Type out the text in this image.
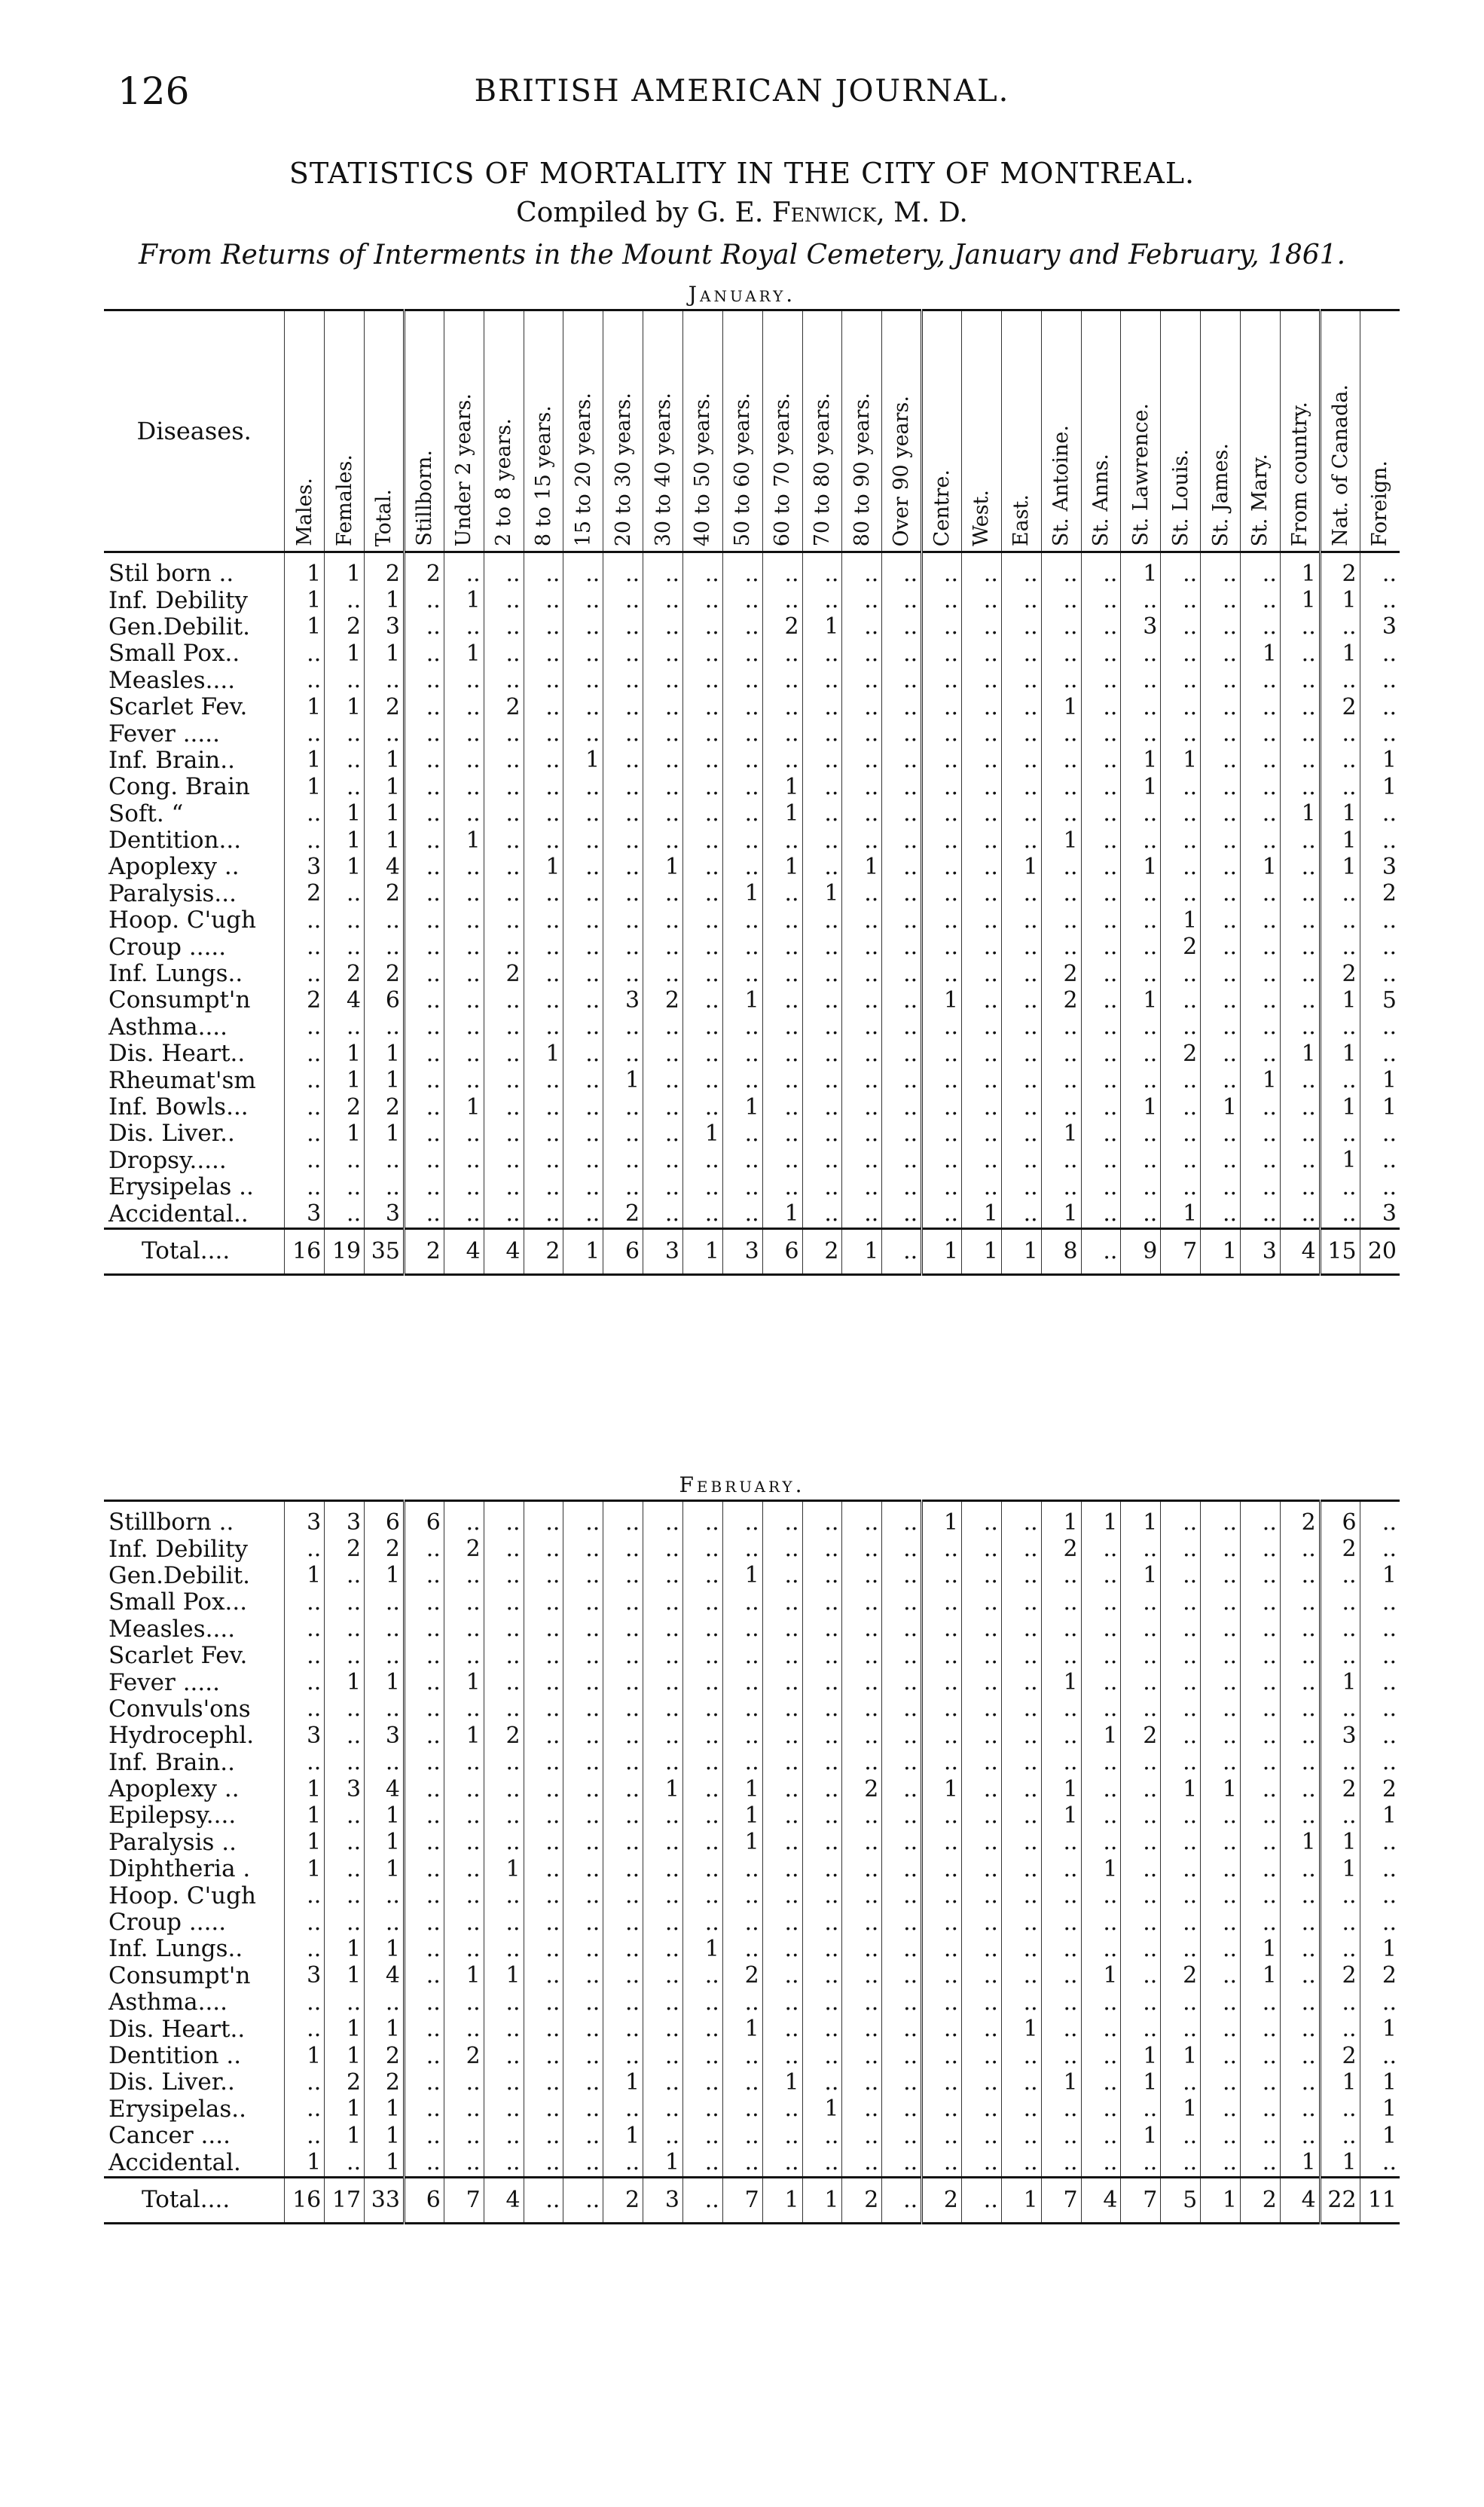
126	BRITISH AMERICAN JOURNAL.
STATISTICS OF MORTALITY IN THE CITY OF MONTREAL.
Compiled by G. E. Fenwick, M. D.
From Returns of Interments in the Mount Royal Cemetery, January and February, 1861.
January.
Diseases.	Males.	Females.	Total.	Stillborn.	Under 2 years.	2 to 8 years.	8 to 15 years.	15 to 20 years.	20 to 30 years.	30 to 40 years.	40 to 50 years.	50 to 60 years.	60 to 70 years.	70 to 80 years.	80 to 90 years.	Over 90 years.	Centre.	West.	East.	St. Antoine.	St. Anns.	St. Lawrence.	St. Louis.	St. James.	St. Mary.	From country.	Nat. of Canada.	Foreign.
Stil born ..	1	1	2	2	..	..	..	..	..	..	..	..	..	..	..	..	..	..	..	..	..	1	..	..	..	1	2	..
Inf. Debility	1	..	1	..	1	..	..	..	..	..	..	..	..	..	..	..	..	..	..	..	..	..	..	..	..	1	1	..
Gen.Debilit.	1	2	3	..	..	..	..	..	..	..	..	..	2	1	..	..	..	..	..	..	..	3	..	..	..	..	..	3
Small Pox..	..	1	1	..	1	..	..	..	..	..	..	..	..	..	..	..	..	..	..	..	..	..	..	..	1	..	1	..
Measles....	..	..	..	..	..	..	..	..	..	..	..	..	..	..	..	..	..	..	..	..	..	..	..	..	..	..	..	..
Scarlet Fev.	1	1	2	..	..	2	..	..	..	..	..	..	..	..	..	..	..	..	..	1	..	..	..	..	..	..	2	..
Fever .....	..	..	..	..	..	..	..	..	..	..	..	..	..	..	..	..	..	..	..	..	..	..	..	..	..	..	..	..
Inf. Brain..	1	..	1	..	..	..	..	1	..	..	..	..	..	..	..	..	..	..	..	..	..	1	1	..	..	..	..	1
Cong. Brain	1	..	1	..	..	..	..	..	..	..	..	..	1	..	..	..	..	..	..	..	..	1	..	..	..	..	..	1
Soft. “	..	1	1	..	..	..	..	..	..	..	..	..	1	..	..	..	..	..	..	..	..	..	..	..	..	1	1	..
Dentition...	..	1	1	..	1	..	..	..	..	..	..	..	..	..	..	..	..	..	..	1	..	..	..	..	..	..	1	..
Apoplexy ..	3	1	4	..	..	..	1	..	..	1	..	..	1	..	1	..	..	..	1	..	..	1	..	..	1	..	1	3
Paralysis...	2	..	2	..	..	..	..	..	..	..	..	1	..	1	..	..	..	..	..	..	..	..	..	..	..	..	..	2
Hoop. C'ugh	..	..	..	..	..	..	..	..	..	..	..	..	..	..	..	..	..	..	..	..	..	..	1	..	..	..	..	..
Croup .....	..	..	..	..	..	..	..	..	..	..	..	..	..	..	..	..	..	..	..	..	..	..	2	..	..	..	..	..
Inf. Lungs..	..	2	2	..	..	2	..	..	..	..	..	..	..	..	..	..	..	..	..	2	..	..	..	..	..	..	2	..
Consumpt'n	2	4	6	..	..	..	..	..	3	2	..	1	..	..	..	..	1	..	..	2	..	1	..	..	..	..	1	5
Asthma....	..	..	..	..	..	..	..	..	..	..	..	..	..	..	..	..	..	..	..	..	..	..	..	..	..	..	..	..
Dis. Heart..	..	1	1	..	..	..	1	..	..	..	..	..	..	..	..	..	..	..	..	..	..	..	2	..	..	1	1	..
Rheumat'sm	..	1	1	..	..	..	..	..	1	..	..	..	..	..	..	..	..	..	..	..	..	..	..	..	1	..	..	1
Inf. Bowls...	..	2	2	..	1	..	..	..	..	..	..	1	..	..	..	..	..	..	..	..	..	1	..	1	..	..	1	1
Dis. Liver..	..	1	1	..	..	..	..	..	..	..	1	..	..	..	..	..	..	..	..	1	..	..	..	..	..	..	..	..
Dropsy.....	..	..	..	..	..	..	..	..	..	..	..	..	..	..	..	..	..	..	..	..	..	..	..	..	..	..	1	..
Erysipelas ..	..	..	..	..	..	..	..	..	..	..	..	..	..	..	..	..	..	..	..	..	..	..	..	..	..	..	..	..
Accidental..	3	..	3	..	..	..	..	..	2	..	..	..	1	..	..	..	..	1	..	1	..	..	1	..	..	..	..	3
Total....	16	19	35	2	4	4	2	1	6	3	1	3	6	2	1	..	1	1	1	8	..	9	7	1	3	4	15	20
February.
Stillborn ..	3	3	6	6	..	..	..	..	..	..	..	..	..	..	..	..	1	..	..	1	1	1	..	..	..	2	6	..
Inf. Debility	..	2	2	..	2	..	..	..	..	..	..	..	..	..	..	..	..	..	..	2	..	..	..	..	..	..	2	..
Gen.Debilit.	1	..	1	..	..	..	..	..	..	..	..	1	..	..	..	..	..	..	..	..	..	1	..	..	..	..	..	1
Small Pox...	..	..	..	..	..	..	..	..	..	..	..	..	..	..	..	..	..	..	..	..	..	..	..	..	..	..	..	..
Measles....	..	..	..	..	..	..	..	..	..	..	..	..	..	..	..	..	..	..	..	..	..	..	..	..	..	..	..	..
Scarlet Fev.	..	..	..	..	..	..	..	..	..	..	..	..	..	..	..	..	..	..	..	..	..	..	..	..	..	..	..	..
Fever .....	..	1	1	..	1	..	..	..	..	..	..	..	..	..	..	..	..	..	..	1	..	..	..	..	..	..	1	..
Convuls'ons	..	..	..	..	..	..	..	..	..	..	..	..	..	..	..	..	..	..	..	..	..	..	..	..	..	..	..	..
Hydrocephl.	3	..	3	..	1	2	..	..	..	..	..	..	..	..	..	..	..	..	..	..	1	2	..	..	..	..	3	..
Inf. Brain..	..	..	..	..	..	..	..	..	..	..	..	..	..	..	..	..	..	..	..	..	..	..	..	..	..	..	..	..
Apoplexy ..	1	3	4	..	..	..	..	..	..	1	..	1	..	..	2	..	1	..	..	1	..	..	1	1	..	..	2	2
Epilepsy....	1	..	1	..	..	..	..	..	..	..	..	1	..	..	..	..	..	..	..	1	..	..	..	..	..	..	..	1
Paralysis ..	1	..	1	..	..	..	..	..	..	..	..	1	..	..	..	..	..	..	..	..	..	..	..	..	..	1	1	..
Diphtheria .	1	..	1	..	..	1	..	..	..	..	..	..	..	..	..	..	..	..	..	..	1	..	..	..	..	..	1	..
Hoop. C'ugh	..	..	..	..	..	..	..	..	..	..	..	..	..	..	..	..	..	..	..	..	..	..	..	..	..	..	..	..
Croup .....	..	..	..	..	..	..	..	..	..	..	..	..	..	..	..	..	..	..	..	..	..	..	..	..	..	..	..	..
Inf. Lungs..	..	1	1	..	..	..	..	..	..	..	1	..	..	..	..	..	..	..	..	..	..	..	..	..	1	..	..	1
Consumpt'n	3	1	4	..	1	1	..	..	..	..	..	2	..	..	..	..	..	..	..	..	1	..	2	..	1	..	2	2
Asthma....	..	..	..	..	..	..	..	..	..	..	..	..	..	..	..	..	..	..	..	..	..	..	..	..	..	..	..	..
Dis. Heart..	..	1	1	..	..	..	..	..	..	..	..	1	..	..	..	..	..	..	1	..	..	..	..	..	..	..	..	1
Dentition ..	1	1	2	..	2	..	..	..	..	..	..	..	..	..	..	..	..	..	..	..	..	1	1	..	..	..	2	..
Dis. Liver..	..	2	2	..	..	..	..	..	1	..	..	..	1	..	..	..	..	..	..	1	..	1	..	..	..	..	1	1
Erysipelas..	..	1	1	..	..	..	..	..	..	..	..	..	..	1	..	..	..	..	..	..	..	..	1	..	..	..	..	1
Cancer ....	..	1	1	..	..	..	..	..	1	..	..	..	..	..	..	..	..	..	..	..	..	1	..	..	..	..	..	1
Accidental.	1	..	1	..	..	..	..	..	..	1	..	..	..	..	..	..	..	..	..	..	..	..	..	..	..	1	1	..
Total....	16	17	33	6	7	4	..	..	2	3	..	7	1	1	2	..	2	..	1	7	4	7	5	1	2	4	22	11
